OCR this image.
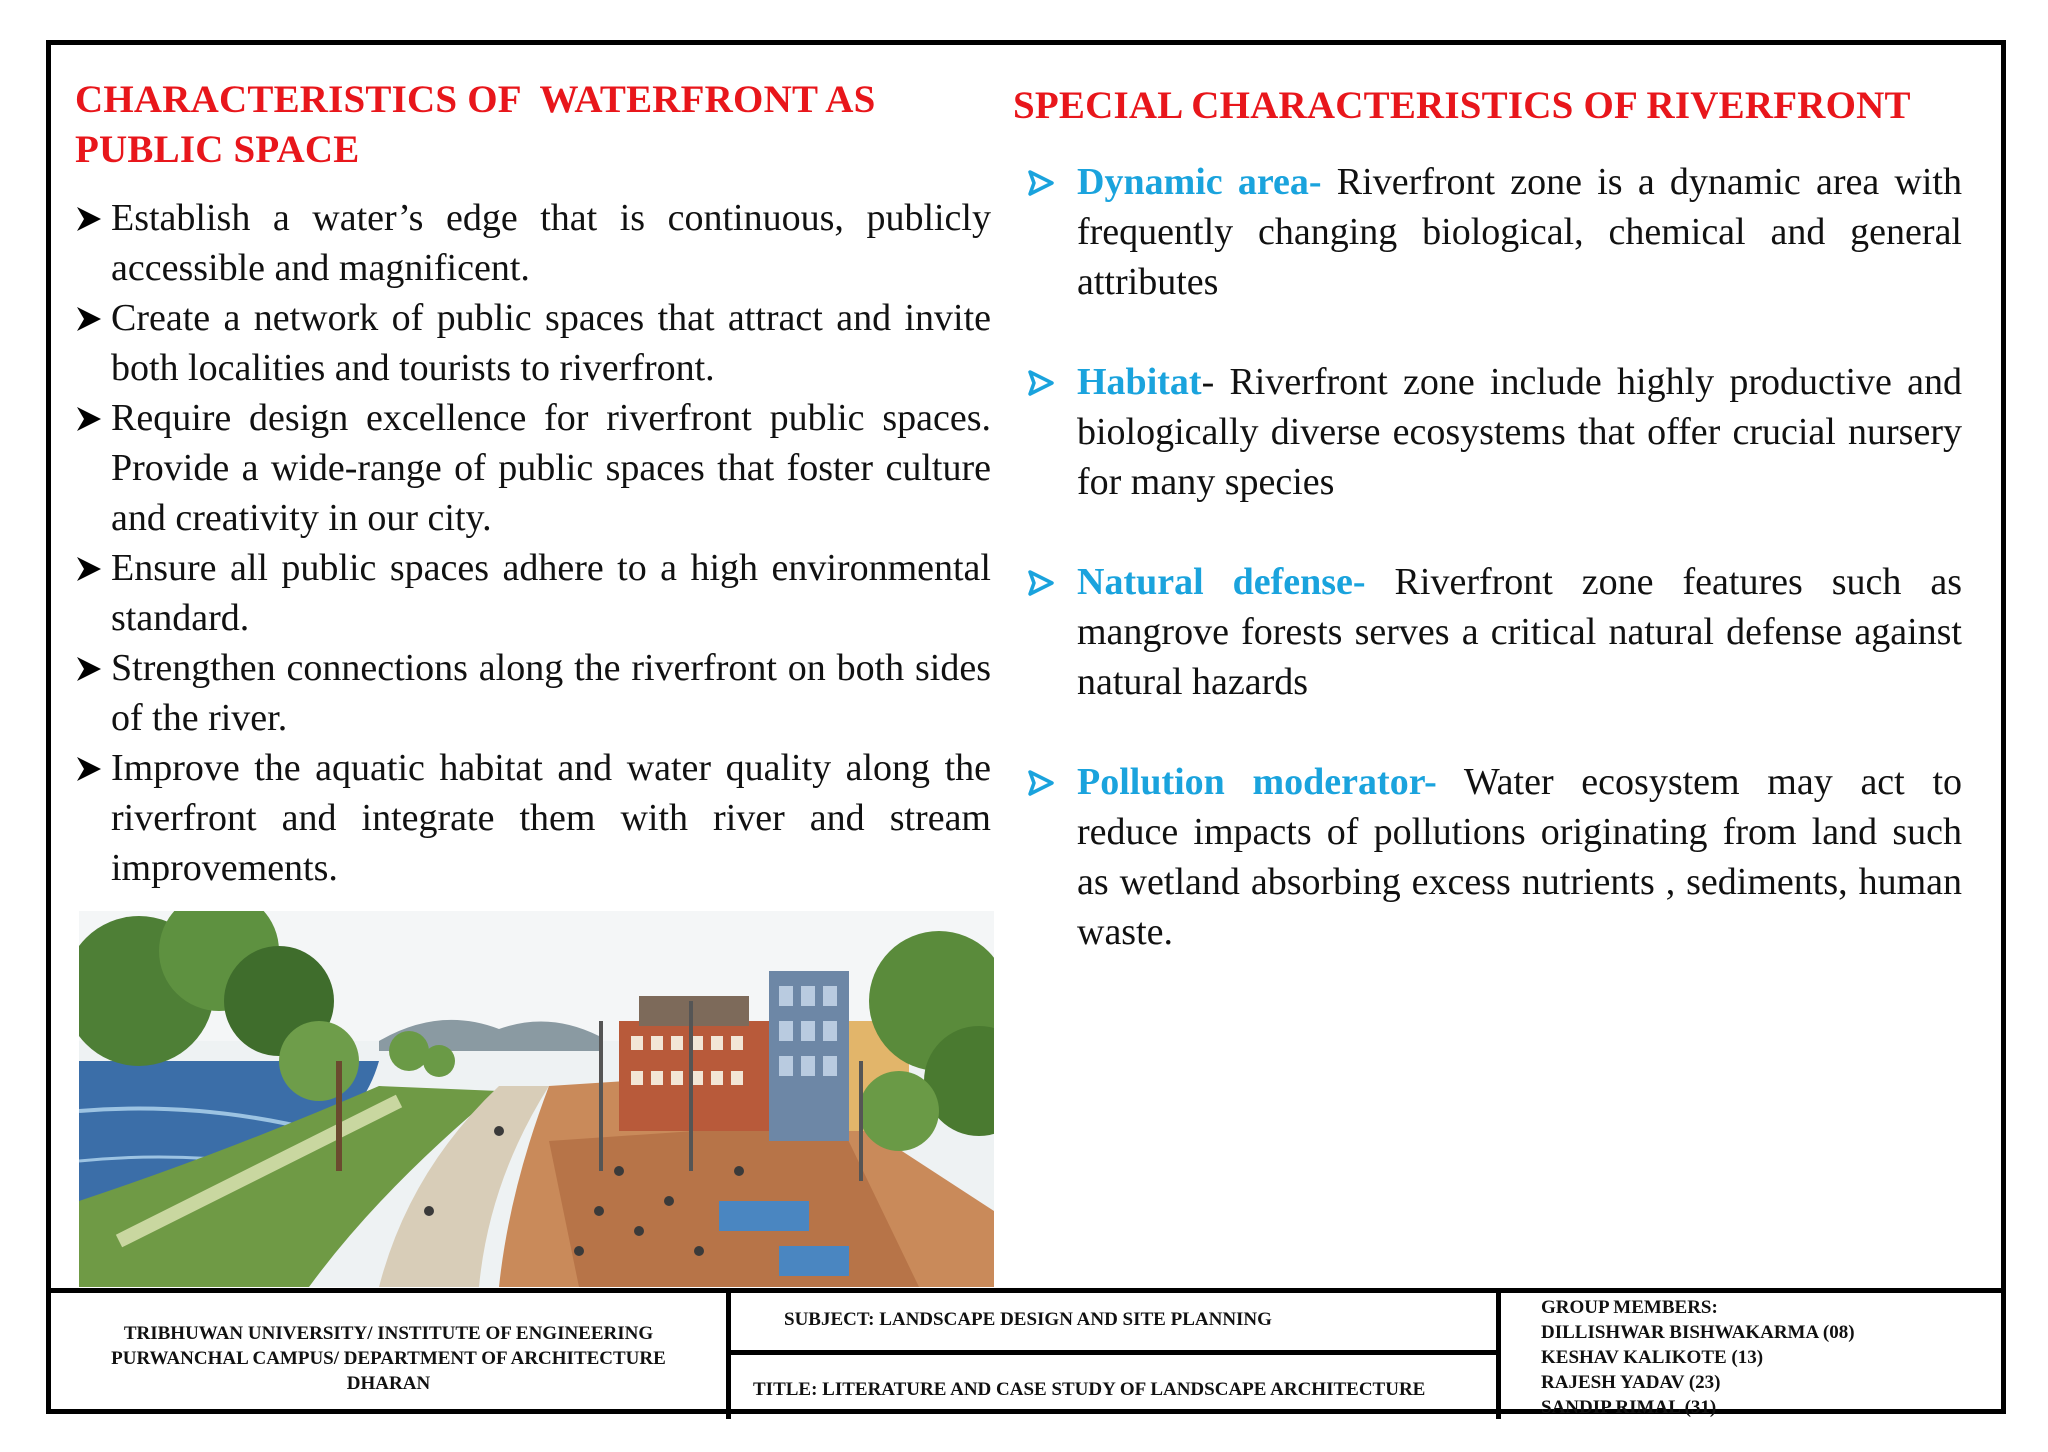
CHARACTERISTICS OF  WATERFRONT AS
PUBLIC SPACE
Establish a water’s edge that is continuous, publicly accessible and magnificent.
Create a network of public spaces that attract and invite both localities and tourists to riverfront.
Require design excellence for riverfront public spaces. Provide a wide-range of public spaces that foster culture and creativity in our city.
Ensure all public spaces adhere to a high environmental standard.
Strengthen connections along the riverfront on both sides of the river.
Improve the aquatic habitat and water quality along the riverfront and integrate them with river and stream improvements.
SPECIAL CHARACTERISTICS OF RIVERFRONT
Dynamic area- Riverfront zone is a dynamic area with frequently changing biological, chemical and general attributes
Habitat- Riverfront zone include highly productive and biologically diverse ecosystems that offer crucial nursery for many species
Natural defense- Riverfront zone features such as mangrove forests serves a critical natural defense against natural hazards
Pollution moderator- Water ecosystem may act to reduce impacts of pollutions originating from land such as wetland absorbing excess nutrients , sediments, human waste.
TRIBHUWAN UNIVERSITY/ INSTITUTE OF ENGINEERING
PURWANCHAL CAMPUS/ DEPARTMENT OF ARCHITECTURE
DHARAN
SUBJECT: LANDSCAPE DESIGN AND SITE PLANNING
TITLE: LITERATURE AND CASE STUDY OF LANDSCAPE ARCHITECTURE
GROUP MEMBERS:
DILLISHWAR BISHWAKARMA (08)
KESHAV KALIKOTE (13)
RAJESH YADAV (23)
SANDIP RIMAL (31)
